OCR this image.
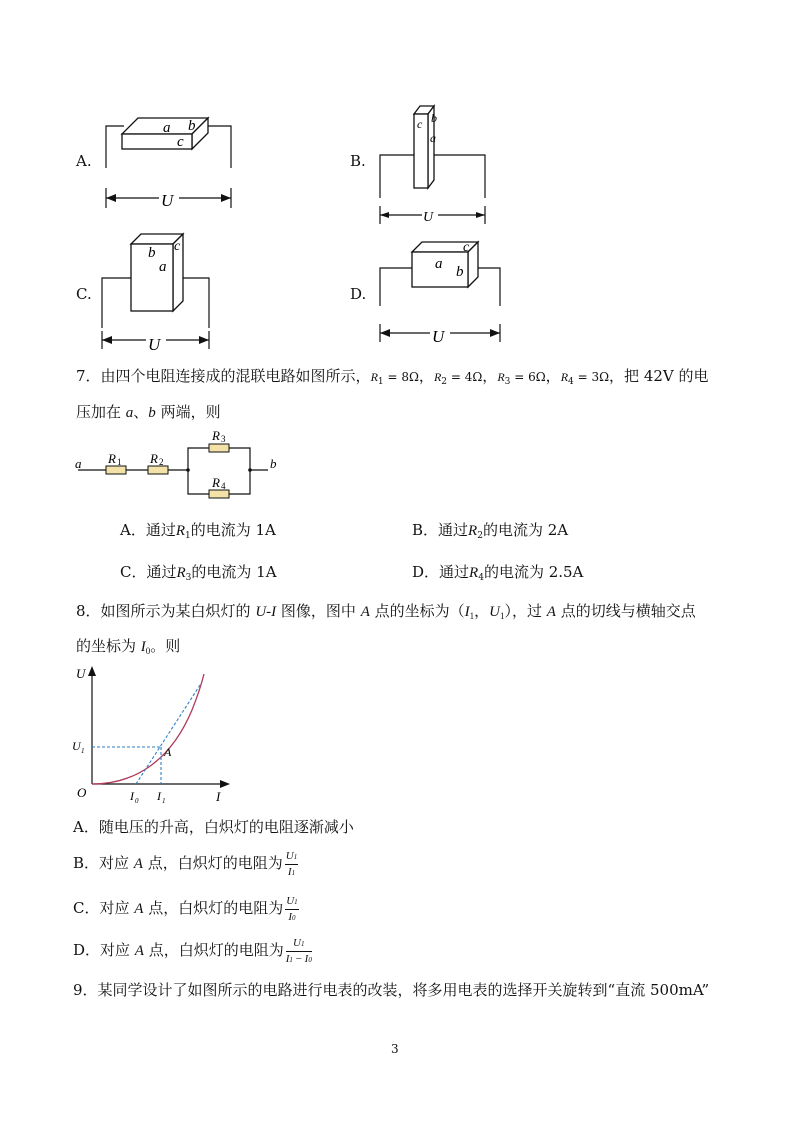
A.
a b
c
U
B.
c b
a
U
C.
b c
a
U
D.
a
c
b
U
7．由四个电阻连接成的混联电路如图所示，$R_1 = 8\Omega$，$R_2 = 4\Omega$，$R_3 = 6\Omega$，$R_4 = 3\Omega$，把 42V 的电
压加在 a、b 两端，则
a	b
R 1 R 2
R 3
R 4
A．通过$R_1$的电流为 1A	B．通过$R_2$的电流为 2A
C．通过$R_3$的电流为 1A	D．通过$R_4$的电流为 2.5A
8．如图所示为某白炽灯的 U-I 图像，图中 A 点的坐标为（$I_1$，$U_1$），过 A 点的切线与横轴交点
的坐标为 $I_0$。则
U
I
O
A
U 1
I 0 I 1
A．随电压的升高，白炽灯的电阻逐渐减小
B．对应 A 点，白炽灯的电阻为 $\frac{U1}{I1}$
C．对应 A 点，白炽灯的电阻为 $\frac{U1}{I0}$
D．对应 A 点，白炽灯的电阻为 $\frac{U1}{I1 - I0}$
9．某同学设计了如图所示的电路进行电表的改装，将多用电表的选择开关旋转到“直流 500mA”
3
